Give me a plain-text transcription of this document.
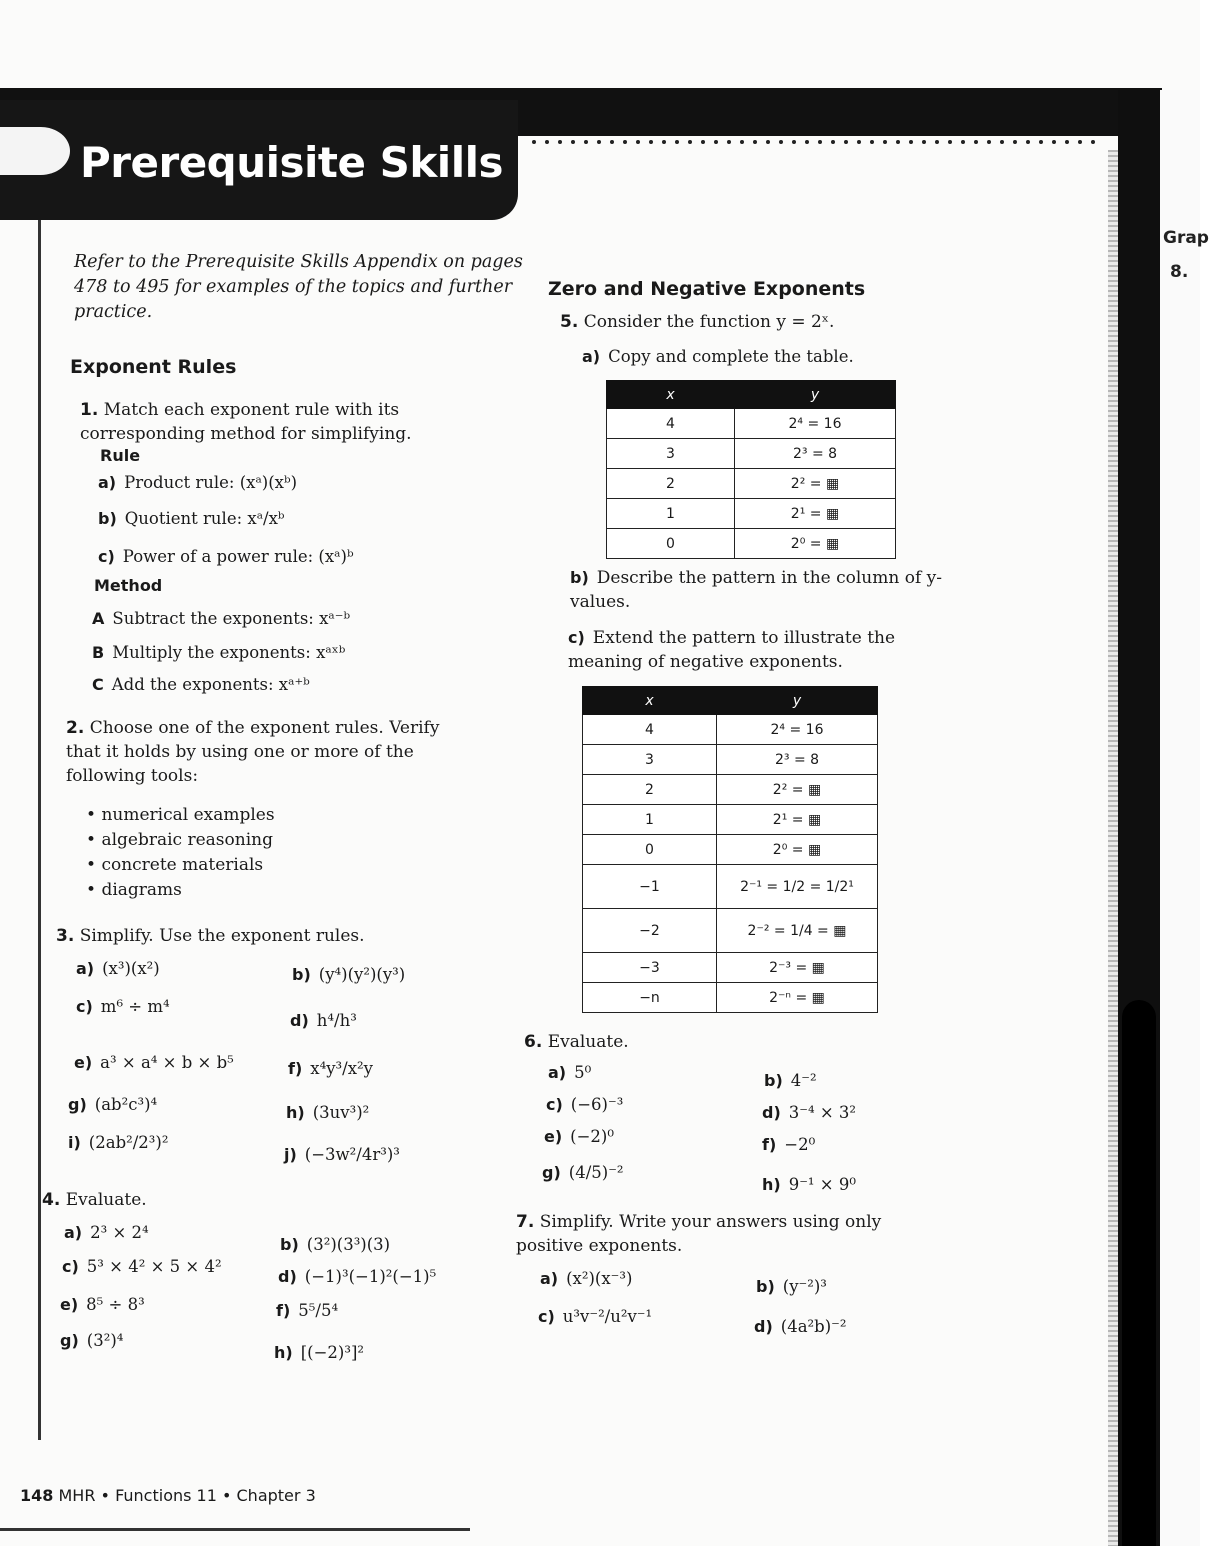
Prerequisite Skills
Grap
8.
Refer to the Prerequisite Skills Appendix on pages 478 to 495 for examples of the topics and further practice.
Exponent Rules
1. Match each exponent rule with its corresponding method for simplifying.
Rule
a) Product rule: (xᵃ)(xᵇ)
b) Quotient rule: xᵃ/xᵇ
c) Power of a power rule: (xᵃ)ᵇ
Method
A Subtract the exponents: xᵃ⁻ᵇ
B Multiply the exponents: xᵃˣᵇ
C Add the exponents: xᵃ⁺ᵇ
2. Choose one of the exponent rules. Verify that it holds by using one or more of the following tools:
• numerical examples
• algebraic reasoning
• concrete materials
• diagrams
3. Simplify. Use the exponent rules.
a) (x³)(x²)	b) (y⁴)(y²)(y³)
c) m⁶ ÷ m⁴
d) h⁴/h³
e) a³ × a⁴ × b × b⁵	f) x⁴y³/x²y
g) (ab²c³)⁴	h) (3uv³)²
i) (2ab²/2³)²
j) (−3w²/4r³)³
4. Evaluate.
a) 2³ × 2⁴
b) (3²)(3³)(3)
c) 5³ × 4² × 5 × 4²
d) (−1)³(−1)²(−1)⁵
e) 8⁵ ÷ 8³	f) 5⁵/5⁴
g) (3²)⁴
h) [(−2)³]²
Zero and Negative Exponents
5. Consider the function y = 2ˣ.
a) Copy and complete the table.
x	y
4	2⁴ = 16
3	2³ = 8
2	2² = ▦
1	2¹ = ▦
0	2⁰ = ▦
b) Describe the pattern in the column of y-values.
c) Extend the pattern to illustrate the meaning of negative exponents.
x	y
4	2⁴ = 16
3	2³ = 8
2	2² = ▦
1	2¹ = ▦
0	2⁰ = ▦
−1	2⁻¹ = 1/2 = 1/2¹
−2	2⁻² = 1/4 = ▦
−3	2⁻³ = ▦
−n	2⁻ⁿ = ▦
6. Evaluate.
a) 5⁰	b) 4⁻²
c) (−6)⁻³	d) 3⁻⁴ × 3²
e) (−2)⁰	f) −2⁰
g) (4/5)⁻²
h) 9⁻¹ × 9⁰
7. Simplify. Write your answers using only positive exponents.
a) (x²)(x⁻³)	b) (y⁻²)³
c) u³v⁻²/u²v⁻¹
d) (4a²b)⁻²
148 MHR • Functions 11 • Chapter 3
